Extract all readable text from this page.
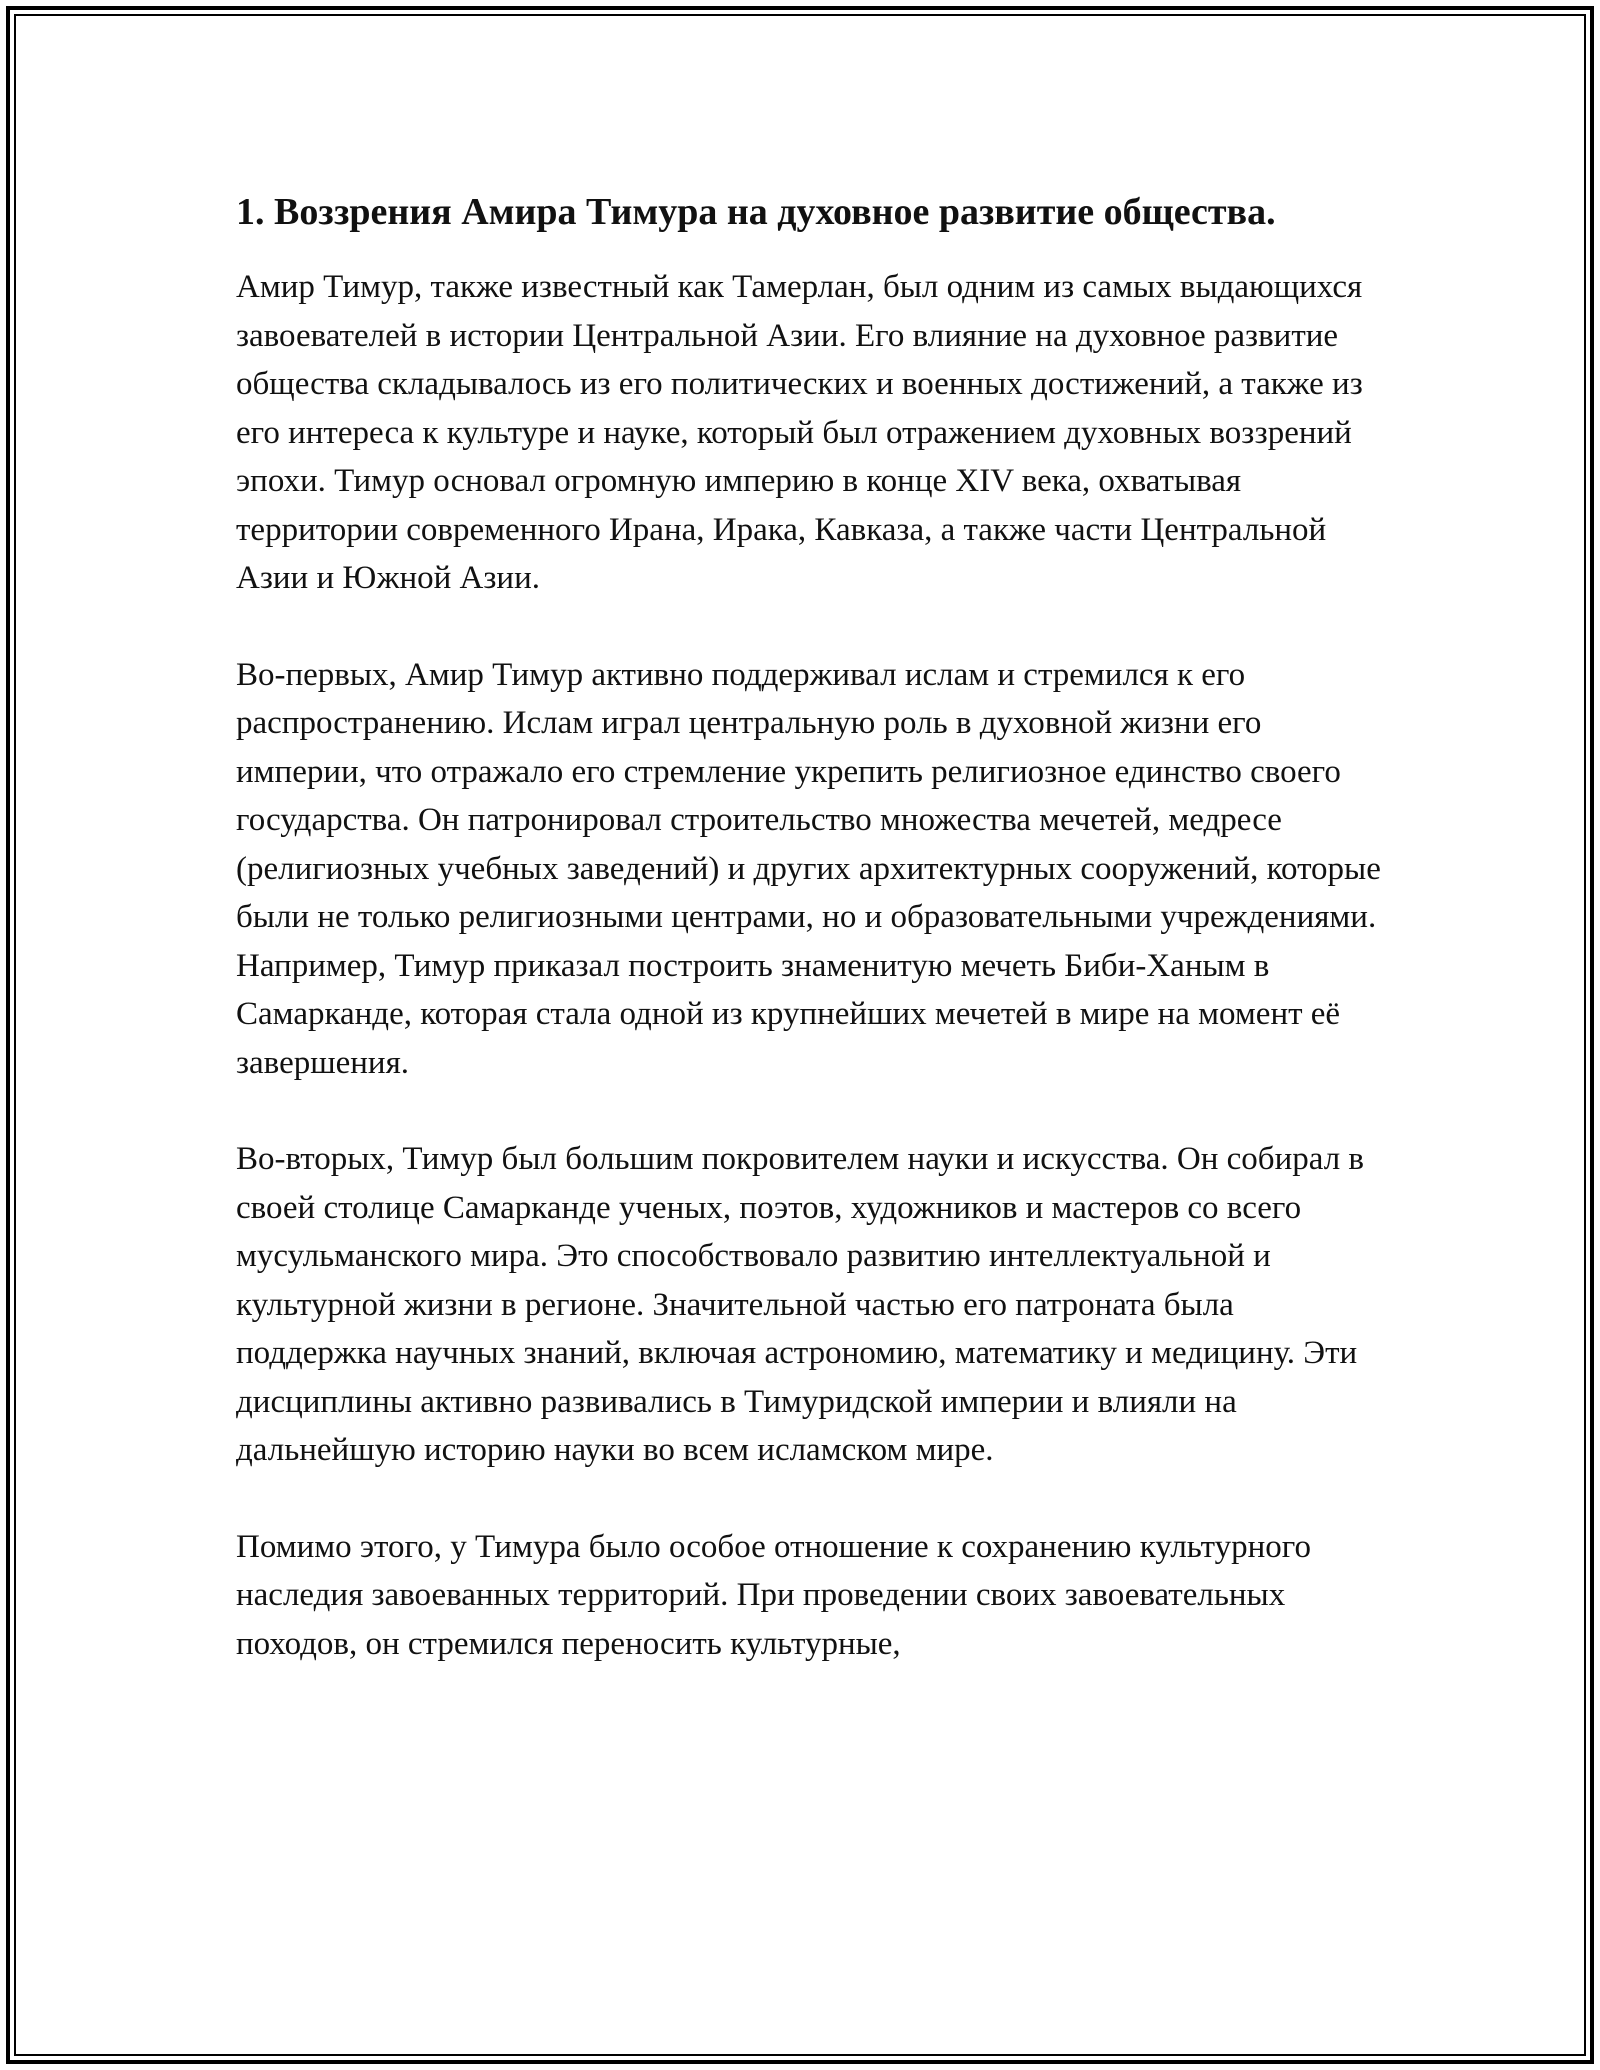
1. Воззрения Амира Тимура на духовное развитие общества.

Амир Тимур, также известный как Тамерлан, был одним из самых выдающихся завоевателей в истории Центральной Азии. Его влияние на духовное развитие общества складывалось из его политических и военных достижений, а также из его интереса к культуре и науке, который был отражением духовных воззрений эпохи. Тимур основал огромную империю в конце XIV века, охватывая территории современного Ирана, Ирака, Кавказа, а также части Центральной Азии и Южной Азии.

Во-первых, Амир Тимур активно поддерживал ислам и стремился к его распространению. Ислам играл центральную роль в духовной жизни его империи, что отражало его стремление укрепить религиозное единство своего государства. Он патронировал строительство множества мечетей, медресе (религиозных учебных заведений) и других архитектурных сооружений, которые были не только религиозными центрами, но и образовательными учреждениями. Например, Тимур приказал построить знаменитую мечеть Биби-Ханым в Самарканде, которая стала одной из крупнейших мечетей в мире на момент её завершения.

Во-вторых, Тимур был большим покровителем науки и искусства. Он собирал в своей столице Самарканде ученых, поэтов, художников и мастеров со всего мусульманского мира. Это способствовало развитию интеллектуальной и культурной жизни в регионе. Значительной частью его патроната была поддержка научных знаний, включая астрономию, математику и медицину. Эти дисциплины активно развивались в Тимуридской империи и влияли на дальнейшую историю науки во всем исламском мире.

Помимо этого, у Тимура было особое отношение к сохранению культурного наследия завоеванных территорий. При проведении своих завоевательных походов, он стремился переносить культурные,
